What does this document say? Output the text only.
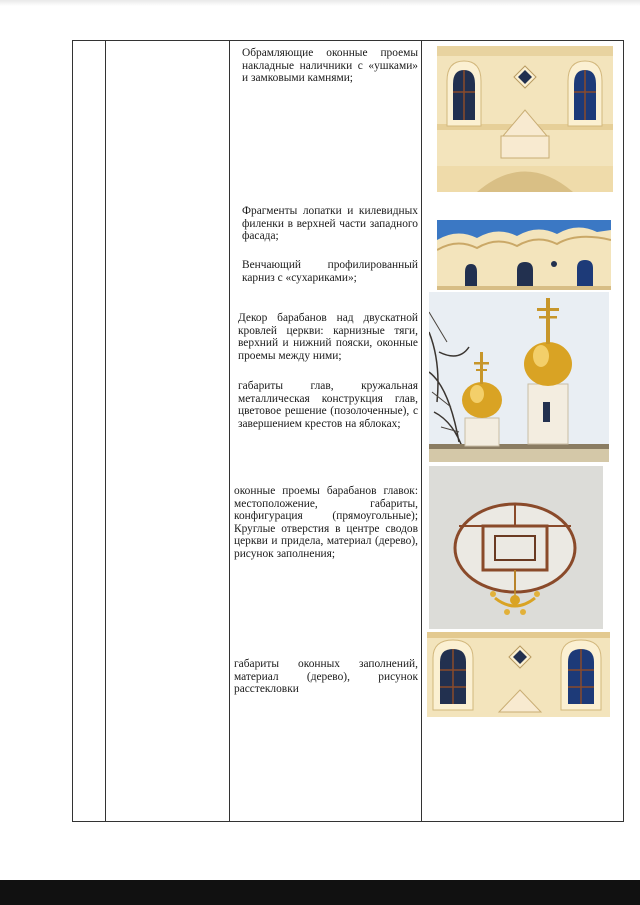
Обрамляющие оконные проемы накладные наличники с «ушками» и замковыми камнями;
Фрагменты лопатки и килевидных филенки в верхней части западного фасада;
Венчающий профилированный карниз с «сухариками»;
Декор барабанов над двускатной кровлей церкви: карнизные тяги, верхний и нижний пояски, оконные проемы между ними;
габариты глав, кружальная металлическая конструкция глав, цветовое решение (позолоченные), с завершением крестов на яблоках;
оконные проемы барабанов главок: местоположение, габариты, конфигурация (прямоугольные); Круглые отверстия в центре сводов церкви и придела, материал (дерево), рисунок заполнения;
габариты оконных заполнений, материал (дерево), рисунок расстекловки
